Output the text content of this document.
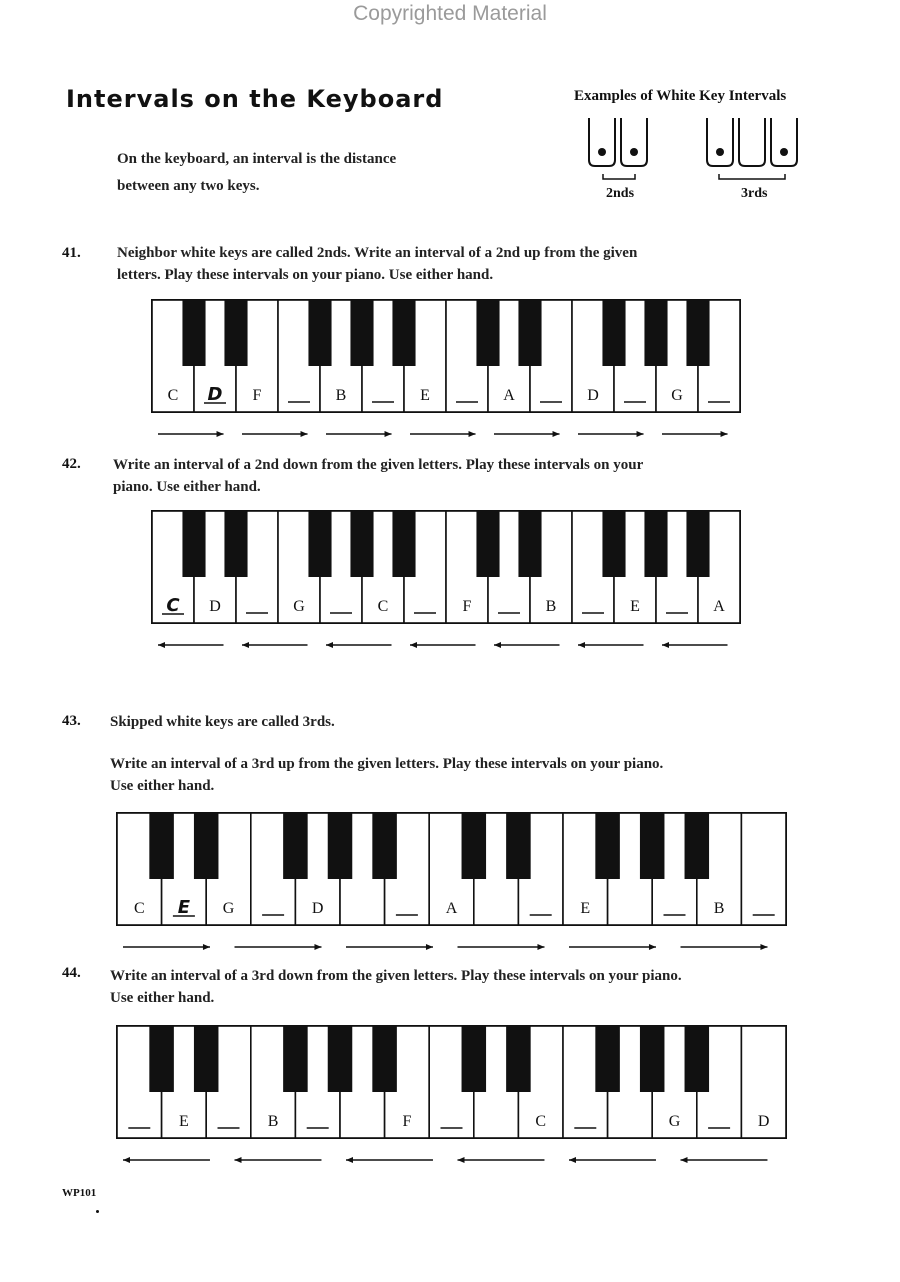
Copyrighted Material
Intervals on the Keyboard
On the keyboard, an interval is the distance between any two keys.
Examples of White Key Intervals
2nds	3rds
41. Neighbor white keys are called 2nds. Write an interval of a 2nd up from the given
letters. Play these intervals on your piano. Use either hand.
C D F	B	E	A	D	G
42. Write an interval of a 2nd down from the given letters. Play these intervals on your
piano. Use either hand.
C D	G	C	F	B	E	A
43. Skipped white keys are called 3rds.
Write an interval of a 3rd up from the given letters. Play these intervals on your piano.
Use either hand.
C E G	D	A	E	B
44. Write an interval of a 3rd down from the given letters. Play these intervals on your piano.
Use either hand.
E	B	F	C	G	D
WP101
